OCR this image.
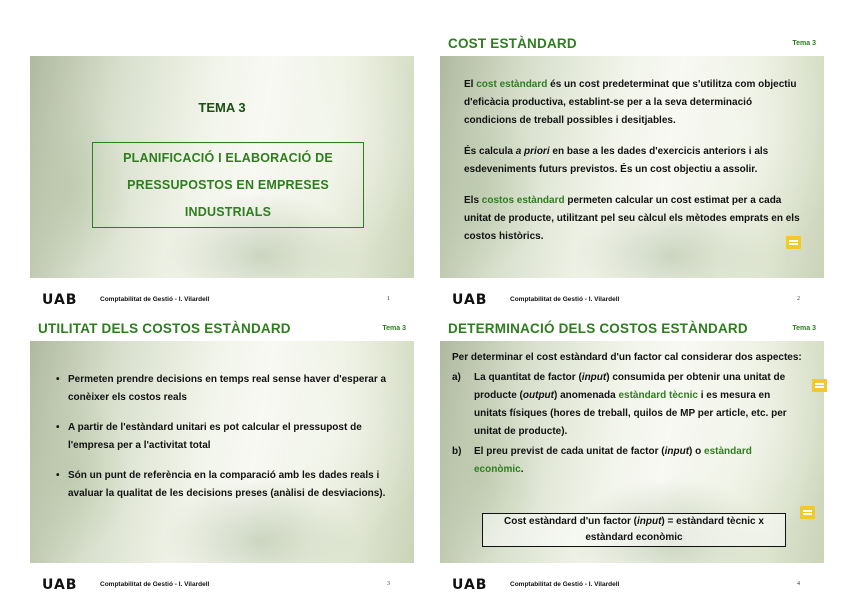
TEMA 3
PLANIFICACIÓ I ELABORACIÓ DE PRESSUPOSTOS EN EMPRESES INDUSTRIALS
UAB	Comptabilitat de Gestió - I. Vilardell	1
COST ESTÀNDARD	Tema 3

El cost estàndard és un cost predeterminat que s'utilitza com objectiu d'eficàcia productiva, establint-se per a la seva determinació condicions de treball possibles i desitjables.

És calcula a priori en base a les dades d'exercicis anteriors i als esdeveniments futurs previstos. És un cost objectiu a assolir.

Els costos estàndard permeten calcular un cost estimat per a cada unitat de producte, utilitzant pel seu càlcul els mètodes emprats en els costos històrics.

UAB	Comptabilitat de Gestió - I. Vilardell	2
UTILITAT DELS COSTOS ESTÀNDARD	Tema 3
• Permeten prendre decisions en temps real sense haver d'esperar a conèixer els costos reals
• A partir de l'estàndard unitari es pot calcular el pressupost de l'empresa per a l'activitat total
• Són un punt de referència en la comparació amb les dades reals i avaluar la qualitat de les decisions preses (anàlisi de desviacions).
UAB	Comptabilitat de Gestió - I. Vilardell	3
DETERMINACIÓ DELS COSTOS ESTÀNDARD	Tema 3

Per determinar el cost estàndard d'un factor cal considerar dos aspectes:

a) La quantitat de factor (input) consumida per obtenir una unitat de producte (output) anomenada estàndard tècnic i es mesura en unitats físiques (hores de treball, quilos de MP per article, etc. per unitat de producte).
b) El preu previst de cada unitat de factor (input) o estàndard econòmic.
Cost estàndard d'un factor (input) = estàndard tècnic x estàndard econòmic
UAB	Comptabilitat de Gestió - I. Vilardell	4
